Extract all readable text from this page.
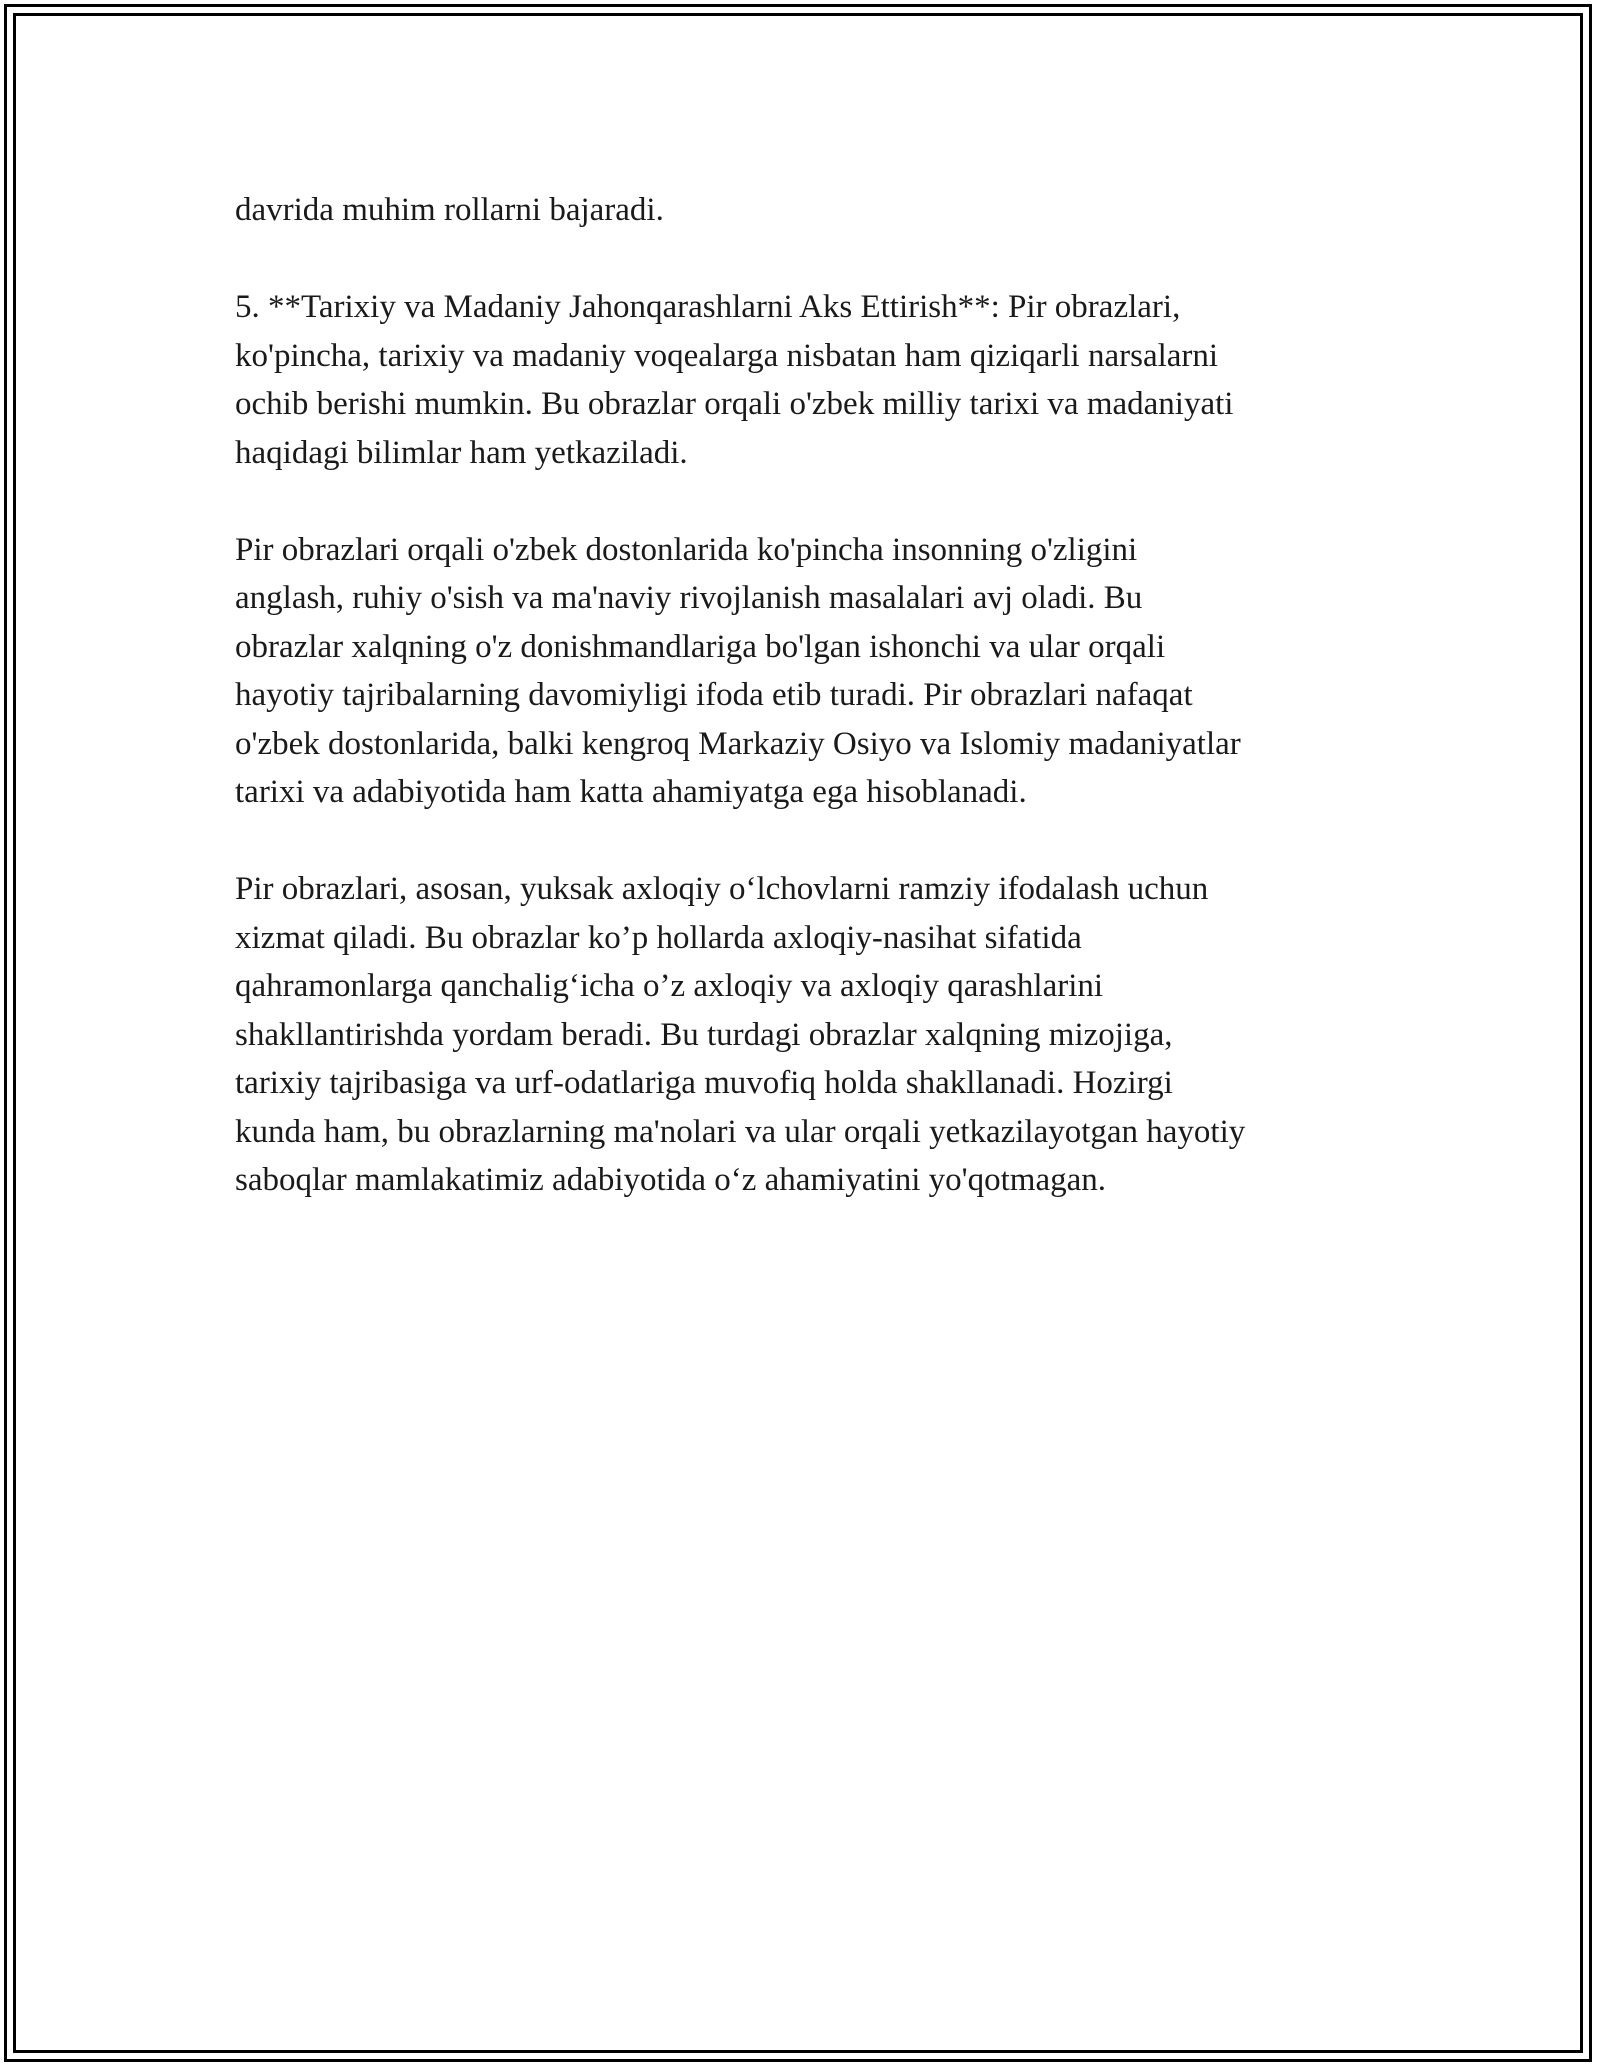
davrida muhim rollarni bajaradi.

5. **Tarixiy va Madaniy Jahonqarashlarni Aks Ettirish**: Pir obrazlari,
ko'pincha, tarixiy va madaniy voqealarga nisbatan ham qiziqarli narsalarni
ochib berishi mumkin. Bu obrazlar orqali o'zbek milliy tarixi va madaniyati
haqidagi bilimlar ham yetkaziladi.

Pir obrazlari orqali o'zbek dostonlarida ko'pincha insonning o'zligini
anglash, ruhiy o'sish va ma'naviy rivojlanish masalalari avj oladi. Bu
obrazlar xalqning o'z donishmandlariga bo'lgan ishonchi va ular orqali
hayotiy tajribalarning davomiyligi ifoda etib turadi. Pir obrazlari nafaqat
o'zbek dostonlarida, balki kengroq Markaziy Osiyo va Islomiy madaniyatlar
tarixi va adabiyotida ham katta ahamiyatga ega hisoblanadi.

Pir obrazlari, asosan, yuksak axloqiy o‘lchovlarni ramziy ifodalash uchun
xizmat qiladi. Bu obrazlar ko’p hollarda axloqiy-nasihat sifatida
qahramonlarga qanchalig‘icha o’z axloqiy va axloqiy qarashlarini
shakllantirishda yordam beradi. Bu turdagi obrazlar xalqning mizojiga,
tarixiy tajribasiga va urf-odatlariga muvofiq holda shakllanadi. Hozirgi
kunda ham, bu obrazlarning ma'nolari va ular orqali yetkazilayotgan hayotiy
saboqlar mamlakatimiz adabiyotida o‘z ahamiyatini yo'qotmagan.
